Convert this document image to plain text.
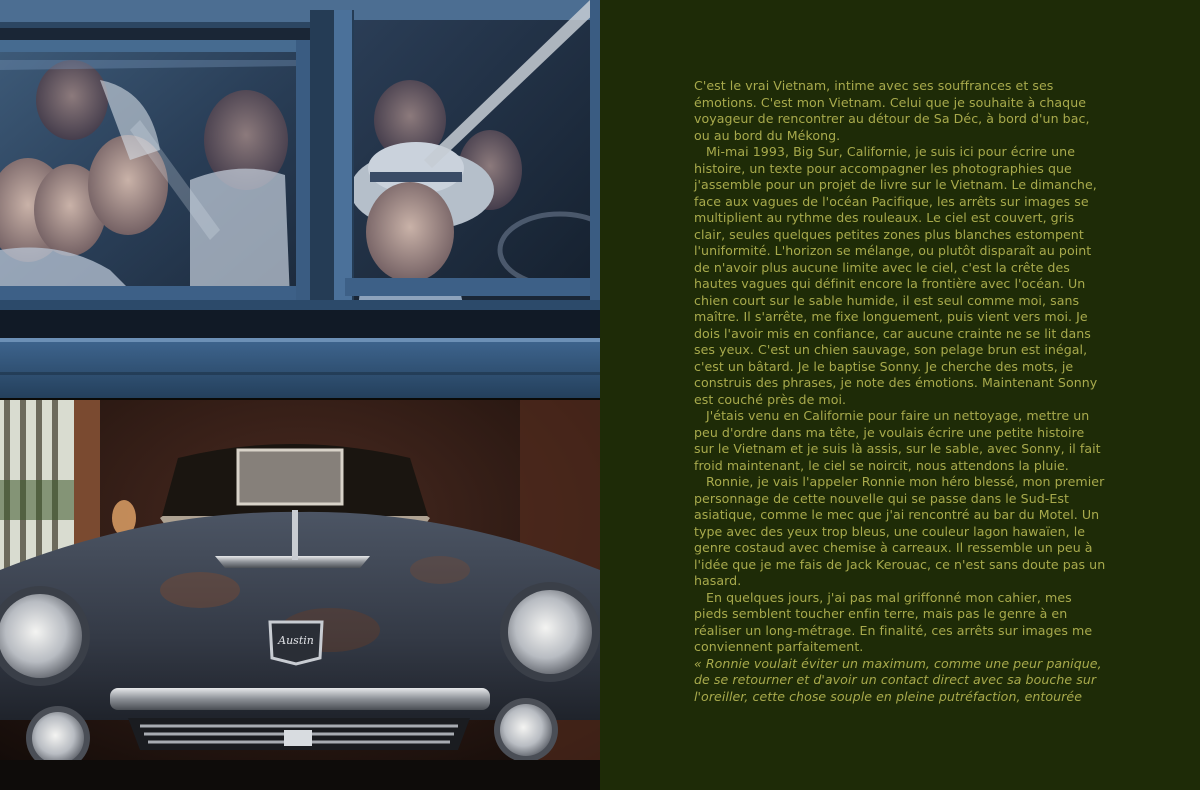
Austin

C'est le vrai Vietnam, intime avec ses souffrances et ses émotions. C'est mon Vietnam. Celui que je souhaite à chaque voyageur de rencontrer au détour de Sa Déc, à bord d'un bac, ou au bord du Mékong.

Mi-mai 1993, Big Sur, Californie, je suis ici pour écrire une histoire, un texte pour accompagner les photographies que j'assemble pour un projet de livre sur le Vietnam. Le dimanche, face aux vagues de l'océan Pacifique, les arrêts sur images se multiplient au rythme des rouleaux. Le ciel est couvert, gris clair, seules quelques petites zones plus blanches estompent l'uniformité. L'horizon se mélange, ou plutôt disparaît au point de n'avoir plus aucune limite avec le ciel, c'est la crête des hautes vagues qui définit encore la frontière avec l'océan. Un chien court sur le sable humide, il est seul comme moi, sans maître. Il s'arrête, me fixe longuement, puis vient vers moi. Je dois l'avoir mis en confiance, car aucune crainte ne se lit dans ses yeux. C'est un chien sauvage, son pelage brun est inégal, c'est un bâtard. Je le baptise Sonny. Je cherche des mots, je construis des phrases, je note des émotions. Maintenant Sonny est couché près de moi.

J'étais venu en Californie pour faire un nettoyage, mettre un peu d'ordre dans ma tête, je voulais écrire une petite histoire sur le Vietnam et je suis là assis, sur le sable, avec Sonny, il fait froid maintenant, le ciel se noircit, nous attendons la pluie.

Ronnie, je vais l'appeler Ronnie mon héro blessé, mon premier personnage de cette nouvelle qui se passe dans le Sud-Est asiatique, comme le mec que j'ai rencontré au bar du Motel. Un type avec des yeux trop bleus, une couleur lagon hawaïen, le genre costaud avec chemise à carreaux. Il ressemble un peu à l'idée que je me fais de Jack Kerouac, ce n'est sans doute pas un hasard.

En quelques jours, j'ai pas mal griffonné mon cahier, mes pieds semblent toucher enfin terre, mais pas le genre à en réaliser un long-métrage. En finalité, ces arrêts sur images me conviennent parfaitement.

« Ronnie voulait éviter un maximum, comme une peur panique, de se retourner et d'avoir un contact direct avec sa bouche sur l'oreiller, cette chose souple en pleine putréfaction, entourée
